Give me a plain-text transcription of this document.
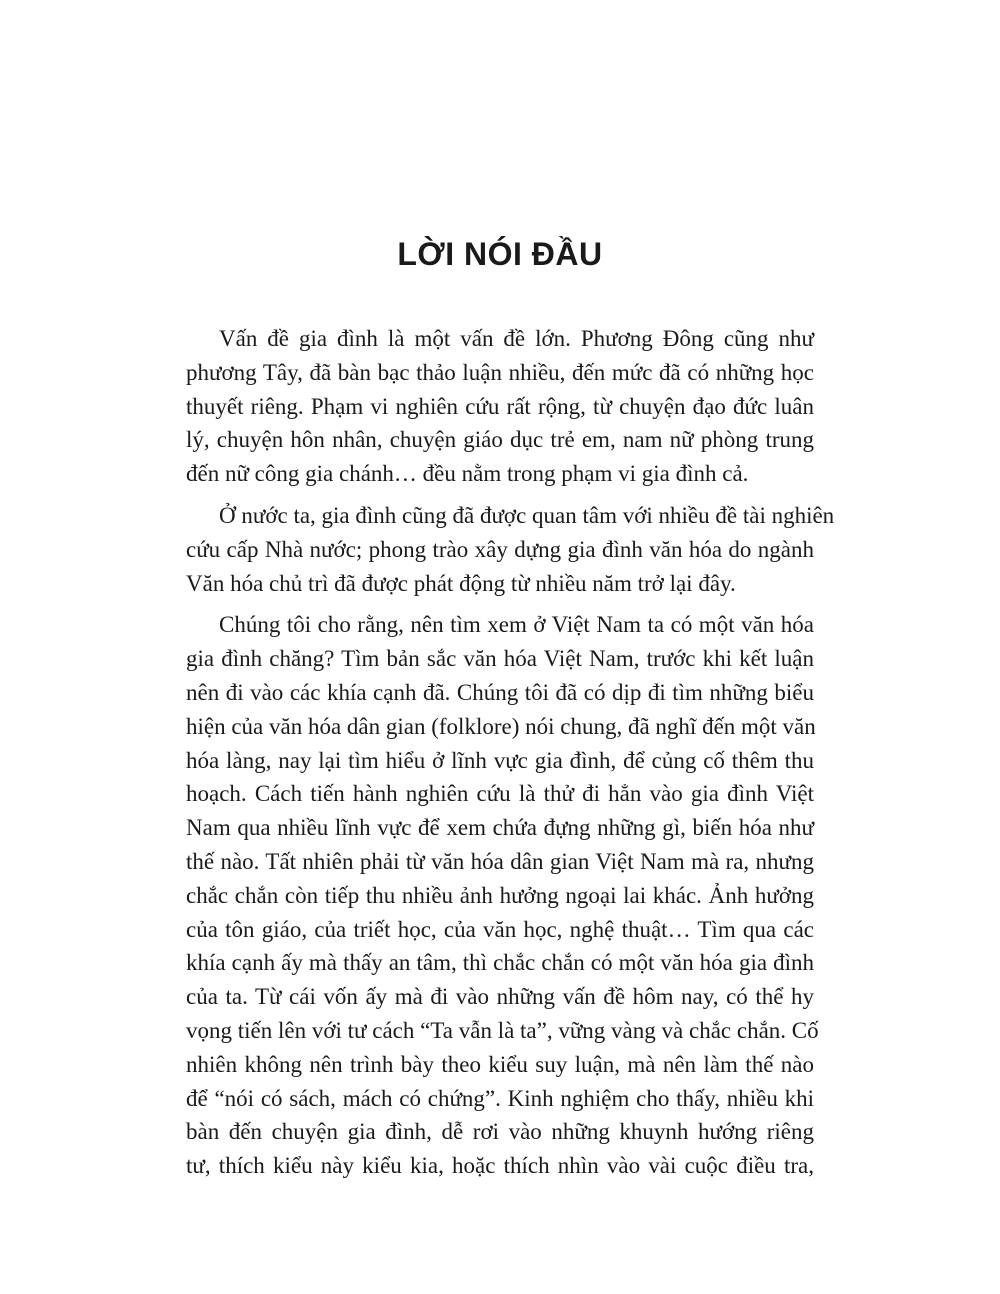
LỜI NÓI ĐẦU

Vấn đề gia đình là một vấn đề lớn. Phương Đông cũng như
phương Tây, đã bàn bạc thảo luận nhiều, đến mức đã có những học
thuyết riêng. Phạm vi nghiên cứu rất rộng, từ chuyện đạo đức luân
lý, chuyện hôn nhân, chuyện giáo dục trẻ em, nam nữ phòng trung
đến nữ công gia chánh… đều nằm trong phạm vi gia đình cả.

Ở nước ta, gia đình cũng đã được quan tâm với nhiều đề tài nghiên
cứu cấp Nhà nước; phong trào xây dựng gia đình văn hóa do ngành
Văn hóa chủ trì đã được phát động từ nhiều năm trở lại đây.

Chúng tôi cho rằng, nên tìm xem ở Việt Nam ta có một văn hóa
gia đình chăng? Tìm bản sắc văn hóa Việt Nam, trước khi kết luận
nên đi vào các khía cạnh đã. Chúng tôi đã có dịp đi tìm những biểu
hiện của văn hóa dân gian (folklore) nói chung, đã nghĩ đến một văn
hóa làng, nay lại tìm hiểu ở lĩnh vực gia đình, để củng cố thêm thu
hoạch. Cách tiến hành nghiên cứu là thử đi hẳn vào gia đình Việt
Nam qua nhiều lĩnh vực để xem chứa đựng những gì, biến hóa như
thế nào. Tất nhiên phải từ văn hóa dân gian Việt Nam mà ra, nhưng
chắc chắn còn tiếp thu nhiều ảnh hưởng ngoại lai khác. Ảnh hưởng
của tôn giáo, của triết học, của văn học, nghệ thuật… Tìm qua các
khía cạnh ấy mà thấy an tâm, thì chắc chắn có một văn hóa gia đình
của ta. Từ cái vốn ấy mà đi vào những vấn đề hôm nay, có thể hy
vọng tiến lên với tư cách “Ta vẫn là ta”, vững vàng và chắc chắn. Cố
nhiên không nên trình bày theo kiểu suy luận, mà nên làm thế nào
để “nói có sách, mách có chứng”. Kinh nghiệm cho thấy, nhiều khi
bàn đến chuyện gia đình, dễ rơi vào những khuynh hướng riêng
tư, thích kiểu này kiểu kia, hoặc thích nhìn vào vài cuộc điều tra,
